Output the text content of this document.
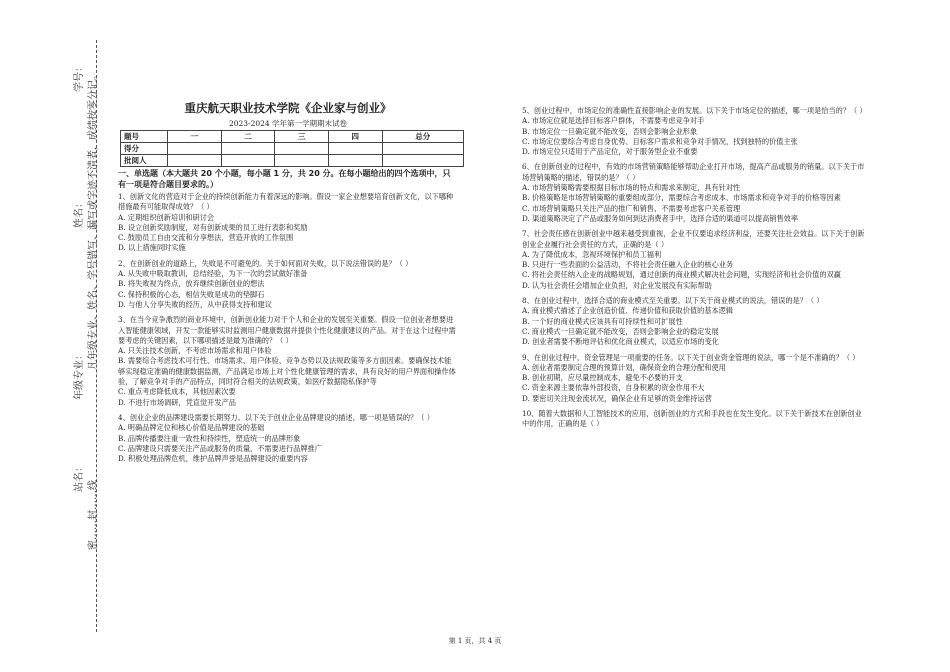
站名：
年级专业：
学号：
姓名： 凡年级专业、姓名、学号错写、漏写或字迹不清者，成绩按零分记。
密……封……线
重庆航天职业技术学院《企业家与创业》
2023-2024 学年第一学期期末试卷
题号	一	二	三	四	总分
得分					
批阅人					
一、单选题（本大题共 20 个小题，每小题 1 分，共 20 分。在每小题给出的四个选项中，只有一项是符合题目要求的。）

1、创新文化的营造对于企业的持续创新能力有着深远的影响。假设一家企业想要培育创新文化，以下哪种措施最有可能取得成效？（ ）

A. 定期组织创新培训和研讨会

B. 设立创新奖励制度，对有创新成果的员工进行表彰和奖励

C. 鼓励员工自由交流和分享想法，营造开放的工作氛围

D. 以上措施同时实施

2、在创新创业的道路上，失败是不可避免的。关于如何面对失败，以下说法错误的是？（ ）

A. 从失败中吸取教训，总结经验，为下一次的尝试做好准备

B. 将失败视为终点，放弃继续创新创业的想法

C. 保持积极的心态，相信失败是成功的垫脚石

D. 与他人分享失败的经历，从中获得支持和建议

3、在当今竞争激烈的商业环境中，创新创业能力对于个人和企业的发展至关重要。假设一位创业者想要进入智能健康领域，开发一款能够实时监测用户健康数据并提供个性化健康建议的产品。对于在这个过程中需要考虑的关键因素，以下哪项描述是最为准确的？（ ）

A. 只关注技术创新，不考虑市场需求和用户体验

B. 需要综合考虑技术可行性、市场需求、用户体验、竞争态势以及法规政策等多方面因素。要确保技术能够实现稳定准确的健康数据监测，产品满足市场上对个性化健康管理的需求，具有良好的用户界面和操作体验，了解竞争对手的产品特点，同时符合相关的法规政策，如医疗数据隐私保护等

C. 重点考虑降低成本，其他因素次要

D. 不进行市场调研，凭直觉开发产品

4、创业企业的品牌建设需要长期努力。以下关于创业企业品牌建设的描述，哪一项是错误的？（ ）

A. 明确品牌定位和核心价值是品牌建设的基础

B. 品牌传播要注重一致性和持续性，塑造统一的品牌形象

C. 品牌建设只需要关注产品或服务的质量，不需要进行品牌推广

D. 积极处理品牌危机，维护品牌声誉是品牌建设的重要内容

5、创业过程中，市场定位的准确性直接影响企业的发展。以下关于市场定位的描述，哪一项是恰当的？（ ）

A. 市场定位就是选择目标客户群体，不需要考虑竞争对手

B. 市场定位一旦确定就不能改变，否则会影响企业形象

C. 市场定位要综合考虑自身优势、目标客户需求和竞争对手情况，找到独特的价值主张

D. 市场定位只适用于产品定位，对于服务型企业不重要

6、在创新创业的过程中，有效的市场营销策略能够帮助企业打开市场，提高产品或服务的销量。以下关于市场营销策略的描述，错误的是？（ ）

A. 市场营销策略需要根据目标市场的特点和需求来制定，具有针对性

B. 价格策略是市场营销策略的重要组成部分，需要综合考虑成本、市场需求和竞争对手的价格等因素

C. 市场营销策略只关注产品的推广和销售，不需要考虑客户关系管理

D. 渠道策略决定了产品或服务如何到达消费者手中，选择合适的渠道可以提高销售效率

7、社会责任感在创新创业中越来越受到重视，企业不仅要追求经济利益，还要关注社会效益。以下关于创新创业企业履行社会责任的方式，正确的是（ ）

A. 为了降低成本，忽视环境保护和员工福利

B. 只进行一些表面的公益活动，不将社会责任融入企业的核心业务

C. 将社会责任纳入企业的战略规划，通过创新的商业模式解决社会问题，实现经济和社会价值的双赢

D. 认为社会责任会增加企业负担，对企业发展没有实际帮助

8、在创业过程中，选择合适的商业模式至关重要。以下关于商业模式的说法，错误的是？（ ）

A. 商业模式描述了企业创造价值、传递价值和获取价值的基本逻辑

B. 一个好的商业模式应该具有可持续性和可扩展性

C. 商业模式一旦确定就不能改变，否则会影响企业的稳定发展

D. 创业者需要不断地评估和优化商业模式，以适应市场的变化

9、在创业过程中，资金管理是一项重要的任务。以下关于创业资金管理的说法，哪一个是不准确的？（ ）

A. 创业者需要制定合理的预算计划，确保资金的合理分配和使用

B. 创业初期，应尽量控制成本，避免不必要的开支

C. 资金来源主要依靠外部投资，自身积累的资金作用不大

D. 要密切关注现金流状况，确保企业有足够的资金维持运营

10、随着大数据和人工智能技术的应用，创新创业的方式和手段也在发生变化。以下关于新技术在创新创业中的作用，正确的是（ ）

第 1 页，共 4 页
